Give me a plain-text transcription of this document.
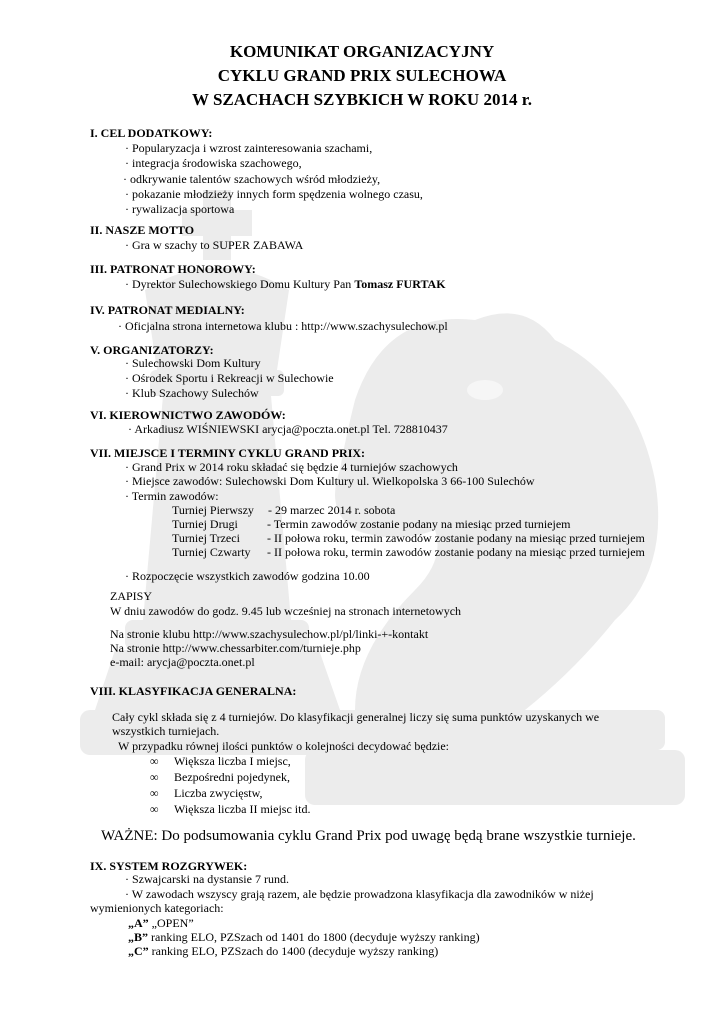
KOMUNIKAT ORGANIZACYJNY
CYKLU GRAND PRIX SULECHOWA
W SZACHACH SZYBKICH W ROKU 2014 r.
I. CEL DODATKOWY:
· Popularyzacja i wzrost zainteresowania szachami,
· integracja środowiska szachowego,
· odkrywanie talentów szachowych wśród młodzieży,
· pokazanie młodzieży innych form spędzenia wolnego czasu,
· rywalizacja sportowa
II. NASZE MOTTO
· Gra w szachy to SUPER ZABAWA
III. PATRONAT HONOROWY:
· Dyrektor Sulechowskiego Domu Kultury Pan Tomasz FURTAK
IV. PATRONAT MEDIALNY:
· Oficjalna strona internetowa klubu : http://www.szachysulechow.pl
V. ORGANIZATORZY:
· Sulechowski Dom Kultury
· Ośrodek Sportu i Rekreacji w Sulechowie
· Klub Szachowy Sulechów
VI. KIEROWNICTWO ZAWODÓW:
· Arkadiusz WIŚNIEWSKI arycja@poczta.onet.pl Tel. 728810437
VII. MIEJSCE I TERMINY CYKLU GRAND PRIX:
· Grand Prix w 2014 roku składać się będzie 4 turniejów szachowych
· Miejsce zawodów: Sulechowski Dom Kultury ul. Wielkopolska 3 66-100 Sulechów
· Termin zawodów:
Turniej Pierwszy - 29 marzec 2014 r. sobota
Turniej Drugi - Termin zawodów zostanie podany na miesiąc przed turniejem
Turniej Trzeci - II połowa roku, termin zawodów zostanie podany na miesiąc przed turniejem
Turniej Czwarty - II połowa roku, termin zawodów zostanie podany na miesiąc przed turniejem
· Rozpoczęcie wszystkich zawodów godzina 10.00
ZAPISY
W dniu zawodów do godz. 9.45 lub wcześniej na stronach internetowych
Na stronie klubu http://www.szachysulechow.pl/pl/linki-+-kontakt
Na stronie http://www.chessarbiter.com/turnieje.php
e-mail: arycja@poczta.onet.pl
VIII. KLASYFIKACJA GENERALNA:
Cały cykl składa się z 4 turniejów. Do klasyfikacji generalnej liczy się suma punktów uzyskanych we
wszystkich turniejach.
W przypadku równej ilości punktów o kolejności decydować będzie:
∞ Większa liczba I miejsc,
∞ Bezpośredni pojedynek,
∞ Liczba zwycięstw,
∞ Większa liczba II miejsc itd.
WAŻNE: Do podsumowania cyklu Grand Prix pod uwagę będą brane wszystkie turnieje.
IX. SYSTEM ROZGRYWEK:
· Szwajcarski na dystansie 7 rund.
· W zawodach wszyscy grają razem, ale będzie prowadzona klasyfikacja dla zawodników w niżej
wymienionych kategoriach:
„A” „OPEN”
„B” ranking ELO, PZSzach od 1401 do 1800 (decyduje wyższy ranking)
„C” ranking ELO, PZSzach do 1400 (decyduje wyższy ranking)
